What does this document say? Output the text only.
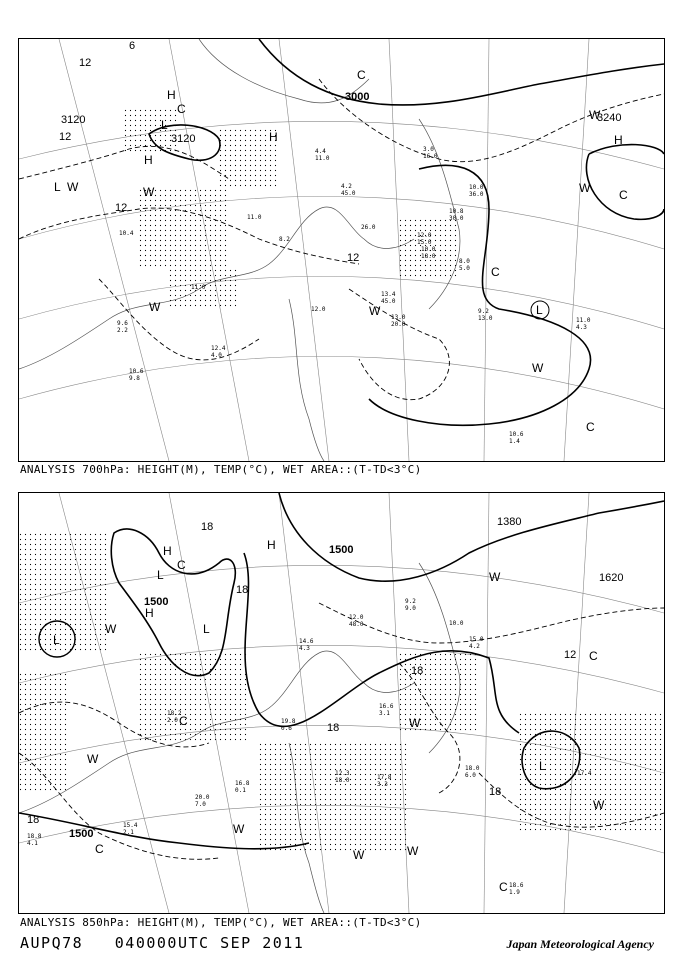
3120
3120
3000
3240
12
12
12
12
6
H
H
H
H
L
L
L
C
C
C
C
C
W	W
W	W
W
W
W
4.4
11.0
4.2
45.0
3.0
16.0
9.2
13.0	11.0
4.3
10.6
1.4
13.4
45.0
13.0
20.0
12.0
15.0
10.0
18.0
10.8
30.0
8.0
5.0
10.0
36.0
9.6
2.2
12.4
4.0
10.6
9.8
10.4
11.0
11.0
12.0
8.2
26.0
ANALYSIS 700hPa: HEIGHT(M), TEMP(°C), WET AREA::(T-TD<3°C)
1500
1500
1500
1380
1620
18
18
18
18
18
18
12
H	H
H
L
L
L
L
C
C
C
C
C
W
W
W
W	W
W
W
W
18.6
1.9
18.0
6.0	17.4
10.0
15.0
4.2
12.0
48.0
9.2
9.0
12.3
18.0	17.8
3.3
16.6
3.1
19.8
0.6
20.0
7.0
18.2
2.0
16.8
0.1
15.4
2.1
14.6
4.3
18.8
4.1
ANALYSIS 850hPa: HEIGHT(M), TEMP(°C), WET AREA::(T-TD<3°C)
AUPQ78 040000UTC SEP 2011	Japan Meteorological Agency
